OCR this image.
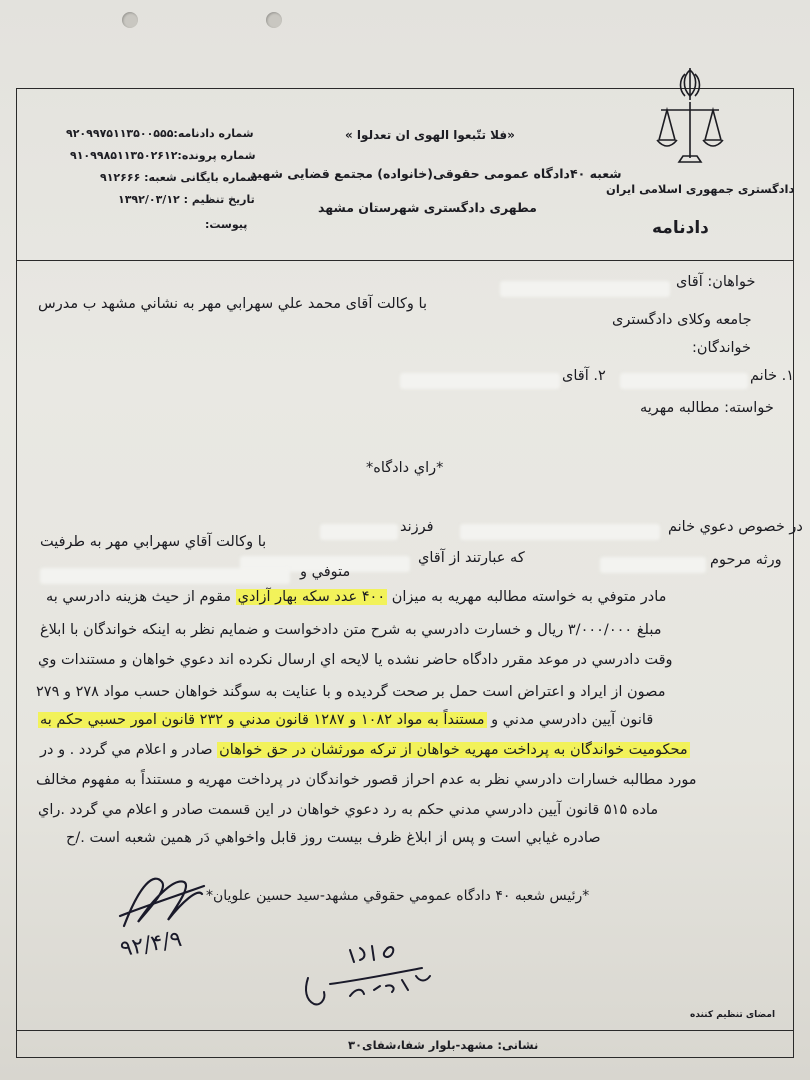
دادگستری جمهوری اسلامی ایران
دادنامه
«فلا تتّبعوا الهوى ان تعدلوا »
شعبه ۴۰دادگاه عمومی حقوقی(خانواده) مجتمع قضایی شهید
مطهری دادگستری شهرستان مشهد
شماره دادنامه:۹۲۰۹۹۷۵۱۱۳۵۰۰۵۵۵
شماره پرونده:۹۱۰۹۹۸۵۱۱۳۵۰۲۶۱۲
شماره بایگانی شعبه: ۹۱۲۶۶۶
تاریخ تنظیم : ۱۳۹۲/۰۳/۱۲
پیوست:
خواهان: آقای
با وکالت آقای محمد علي سهرابي مهر به نشاني مشهد ب مدرس
جامعه وکلای دادگستری
خواندگان:
۱. خانم
۲. آقای
خواسته: مطالبه مهریه
*راي دادگاه*
در خصوص دعوي خانم
فرزند
با وکالت آقاي سهرابي مهر به طرفيت
ورثه مرحوم
که عبارتند از آقاي
متوفي و
مادر متوفي به خواسته مطالبه مهريه به ميزان ۴۰۰ عدد سکه بهار آزادي مقوم از حيث هزينه دادرسي به
مبلغ ۳/۰۰۰/۰۰۰ ريال و خسارت دادرسي به شرح متن دادخواست و ضمايم نظر به اينکه خواندگان با ابلاغ
وقت دادرسي در موعد مقرر دادگاه حاضر نشده يا لايحه اي ارسال نکرده اند دعوي خواهان و مستندات وي
مصون از ايراد و اعتراض است حمل بر صحت گرديده و با عنايت به سوگند خواهان حسب مواد ۲۷۸ و ۲۷۹
قانون آيين دادرسي مدني و مستنداً به مواد ۱۰۸۲ و ۱۲۸۷ قانون مدني و ۲۳۲ قانون امور حسبي حکم به
محکوميت خواندگان به پرداخت مهريه خواهان از ترکه مورثشان در حق خواهان صادر و اعلام مي گردد . و در
مورد مطالبه خسارات دادرسي نظر به عدم احراز قصور خواندگان در پرداخت مهريه و مستنداً به مفهوم مخالف
ماده ۵۱۵ قانون آيين دادرسي مدني حکم به رد دعوي خواهان در اين قسمت صادر و اعلام مي گردد .راي
صادره غيابي است و پس از ابلاغ ظرف بيست روز قابل واخواهي دَر همين شعبه است ./ح
*رئيس شعبه ۴۰ دادگاه عمومي حقوقي مشهد-سيد حسين علويان*
۹۲/۴/۹
امضای تنظیم کننده
نشانی: مشهد-بلوار شفا،شفای۳۰
